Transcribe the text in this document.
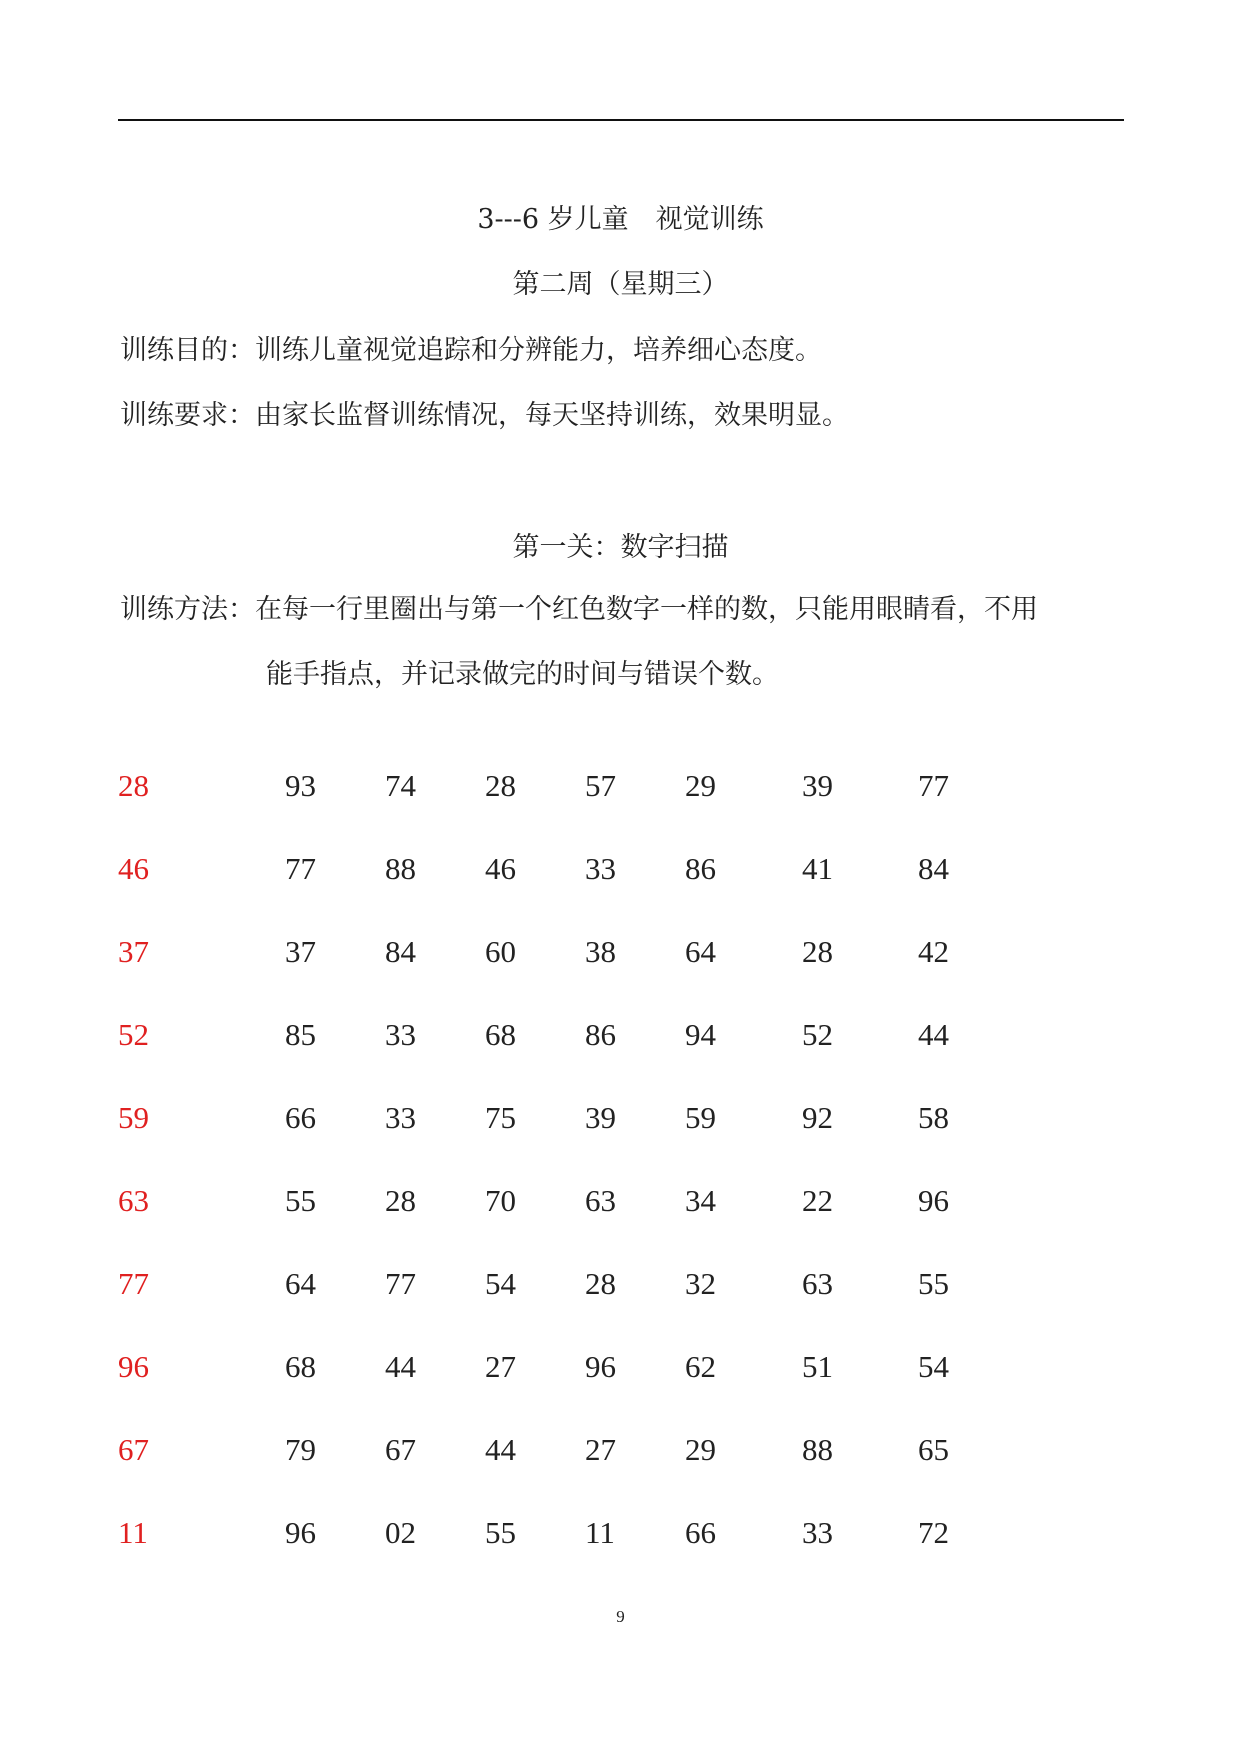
3---6 岁儿童　视觉训练
第二周（星期三）
训练目的：训练儿童视觉追踪和分辨能力，培养细心态度。
训练要求：由家长监督训练情况，每天坚持训练，效果明显。
第一关：数字扫描
训练方法：在每一行里圈出与第一个红色数字一样的数，只能用眼睛看，不用
能手指点，并记录做完的时间与错误个数。
28	93 74 28 57 29	39	77
46	77 88 46 33 86	41	84
37	37 84 60 38 64	28	42
52	85 33 68 86 94	52	44
59	66 33 75 39 59	92	58
63	55 28 70 63 34	22	96
77	64 77 54 28 32	63	55
96	68 44 27 96 62	51	54
67	79 67 44 27 29	88	65
11	96 02 55 11 66	33	72
9
